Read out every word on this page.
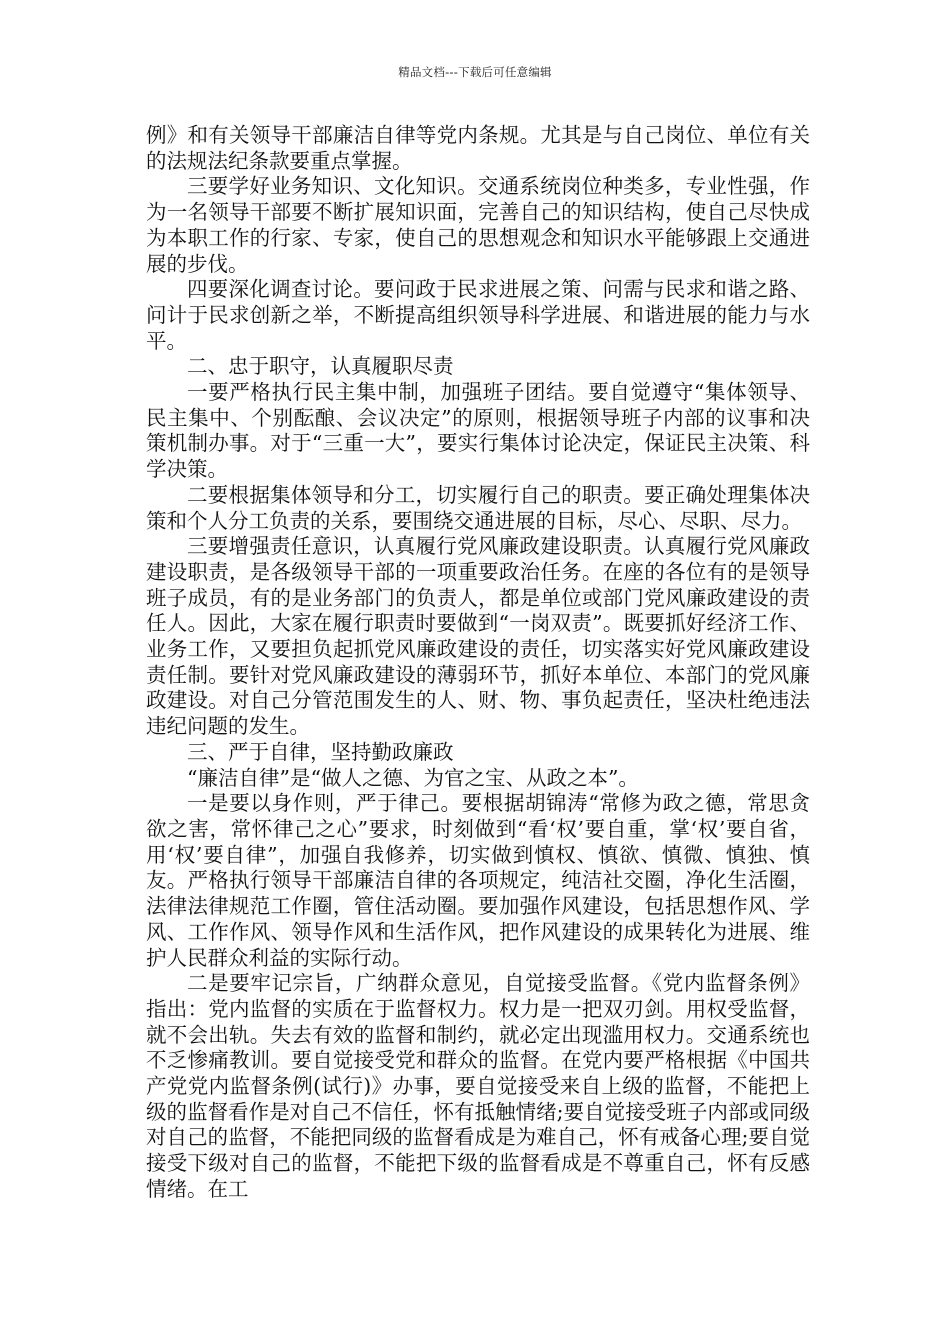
精品文档---下载后可任意编辑

例》和有关领导干部廉洁自律等党内条规。尤其是与自己岗位、单位有关的法规法纪条款要重点掌握。

三要学好业务知识、文化知识。交通系统岗位种类多，专业性强，作为一名领导干部要不断扩展知识面，完善自己的知识结构，使自己尽快成为本职工作的行家、专家，使自己的思想观念和知识水平能够跟上交通进展的步伐。

四要深化调查讨论。要问政于民求进展之策、问需与民求和谐之路、问计于民求创新之举，不断提高组织领导科学进展、和谐进展的能力与水平。

二、忠于职守，认真履职尽责

一要严格执行民主集中制，加强班子团结。要自觉遵守“集体领导、民主集中、个别酝酿、会议决定”的原则，根据领导班子内部的议事和决策机制办事。对于“三重一大”，要实行集体讨论决定，保证民主决策、科学决策。

二要根据集体领导和分工，切实履行自己的职责。要正确处理集体决策和个人分工负责的关系，要围绕交通进展的目标，尽心、尽职、尽力。

三要增强责任意识，认真履行党风廉政建设职责。认真履行党风廉政建设职责，是各级领导干部的一项重要政治任务。在座的各位有的是领导班子成员，有的是业务部门的负责人，都是单位或部门党风廉政建设的责任人。因此，大家在履行职责时要做到“一岗双责”。既要抓好经济工作、业务工作，又要担负起抓党风廉政建设的责任，切实落实好党风廉政建设责任制。要针对党风廉政建设的薄弱环节，抓好本单位、本部门的党风廉政建设。对自己分管范围发生的人、财、物、事负起责任，坚决杜绝违法违纪问题的发生。

三、严于自律，坚持勤政廉政

“廉洁自律”是“做人之德、为官之宝、从政之本”。

一是要以身作则，严于律己。要根据胡锦涛“常修为政之德，常思贪欲之害，常怀律己之心”要求，时刻做到“看‘权’要自重，掌‘权’要自省，用‘权’要自律”，加强自我修养，切实做到慎权、慎欲、慎微、慎独、慎友。严格执行领导干部廉洁自律的各项规定，纯洁社交圈，净化生活圈，法律法律规范工作圈，管住活动圈。要加强作风建设，包括思想作风、学风、工作作风、领导作风和生活作风，把作风建设的成果转化为进展、维护人民群众利益的实际行动。

二是要牢记宗旨，广纳群众意见，自觉接受监督。《党内监督条例》指出：党内监督的实质在于监督权力。权力是一把双刃剑。用权受监督，就不会出轨。失去有效的监督和制约，就必定出现滥用权力。交通系统也不乏惨痛教训。要自觉接受党和群众的监督。在党内要严格根据《中国共产党党内监督条例(试行)》办事，要自觉接受来自上级的监督，不能把上级的监督看作是对自己不信任，怀有抵触情绪;要自觉接受班子内部或同级对自己的监督，不能把同级的监督看成是为难自己，怀有戒备心理;要自觉接受下级对自己的监督，不能把下级的监督看成是不尊重自己，怀有反感情绪。在工
